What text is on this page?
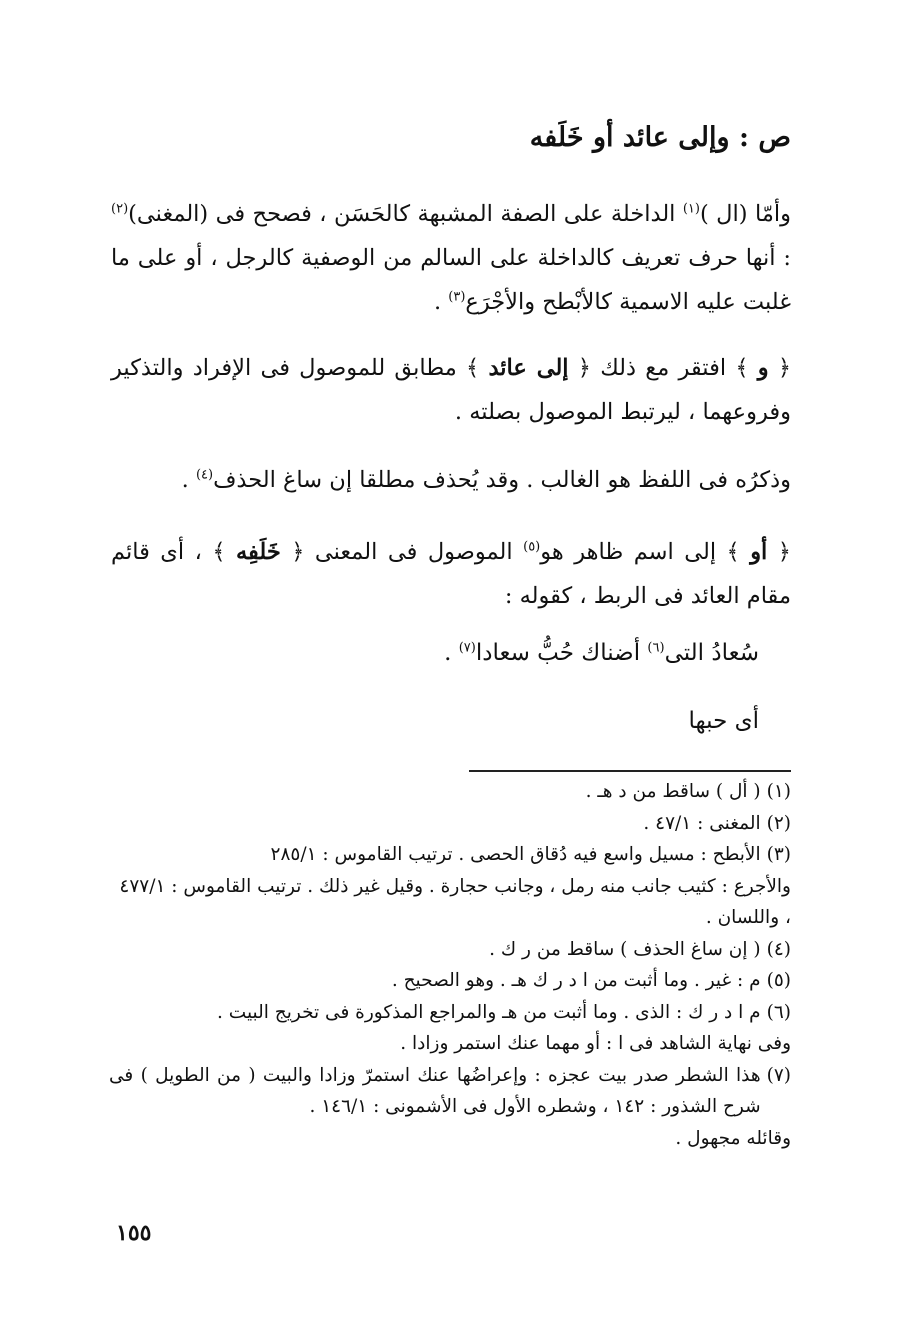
ص : وإلى عائد أو خَلَفه
وأمّا (ال )$^{(١)}$ الداخلة على الصفة المشبهة كالحَسَن ، فصحح فى (المغنى)$^{(٢)}$ : أنها حرف تعريف كالداخلة على السالم من الوصفية كالرجل ، أو على ما غلبت عليه الاسمية كالأبْطح والأجْرَع$^{(٣)}$ .
﴿ و ﴾ افتقر مع ذلك ﴿ إلى عائد ﴾ مطابق للموصول فى الإفراد والتذكير وفروعهما ، ليرتبط الموصول بصلته .
وذكرُه فى اللفظ هو الغالب . وقد يُحذف مطلقا إن ساغ الحذف$^{(٤)}$ .
﴿ أو ﴾ إلى اسم ظاهر هو$^{(٥)}$ الموصول فى المعنى ﴿ خَلَفِه ﴾ ، أى قائم مقام العائد فى الربط ، كقوله :
سُعادُ التى$^{(٦)}$ أضناك حُبُّ سعادا$^{(٧)}$ .
أى حبها
(١)
( أل ) ساقط من د هـ .
(٢)
المغنى : ٤٧/١ .
(٣)
الأبطح : مسيل واسع فيه دُقاق الحصى . ترتيب القاموس : ٢٨٥/١
والأجرع : كثيب جانب منه رمل ، وجانب حجارة . وقيل غير ذلك . ترتيب القاموس : ٤٧٧/١ ، واللسان .
(٤)
( إن ساغ الحذف ) ساقط من ر ك .
(٥)
م : غير . وما أثبت من ا د ر ك هـ . وهو الصحيح .
(٦)
م ا د ر ك : الذى . وما أثبت من هـ والمراجع المذكورة فى تخريج البيت .
وفى نهاية الشاهد فى ا : أو مهما عنك استمر وزادا .
(٧)
هذا الشطر صدر بيت عجزه : وإعراضُها عنك استمرّ وزادا والبيت ( من الطويل ) فى شرح الشذور : ١٤٢ ، وشطره الأول فى الأشمونى : ١٤٦/١ .
وقائله مجهول .
١٥٥
